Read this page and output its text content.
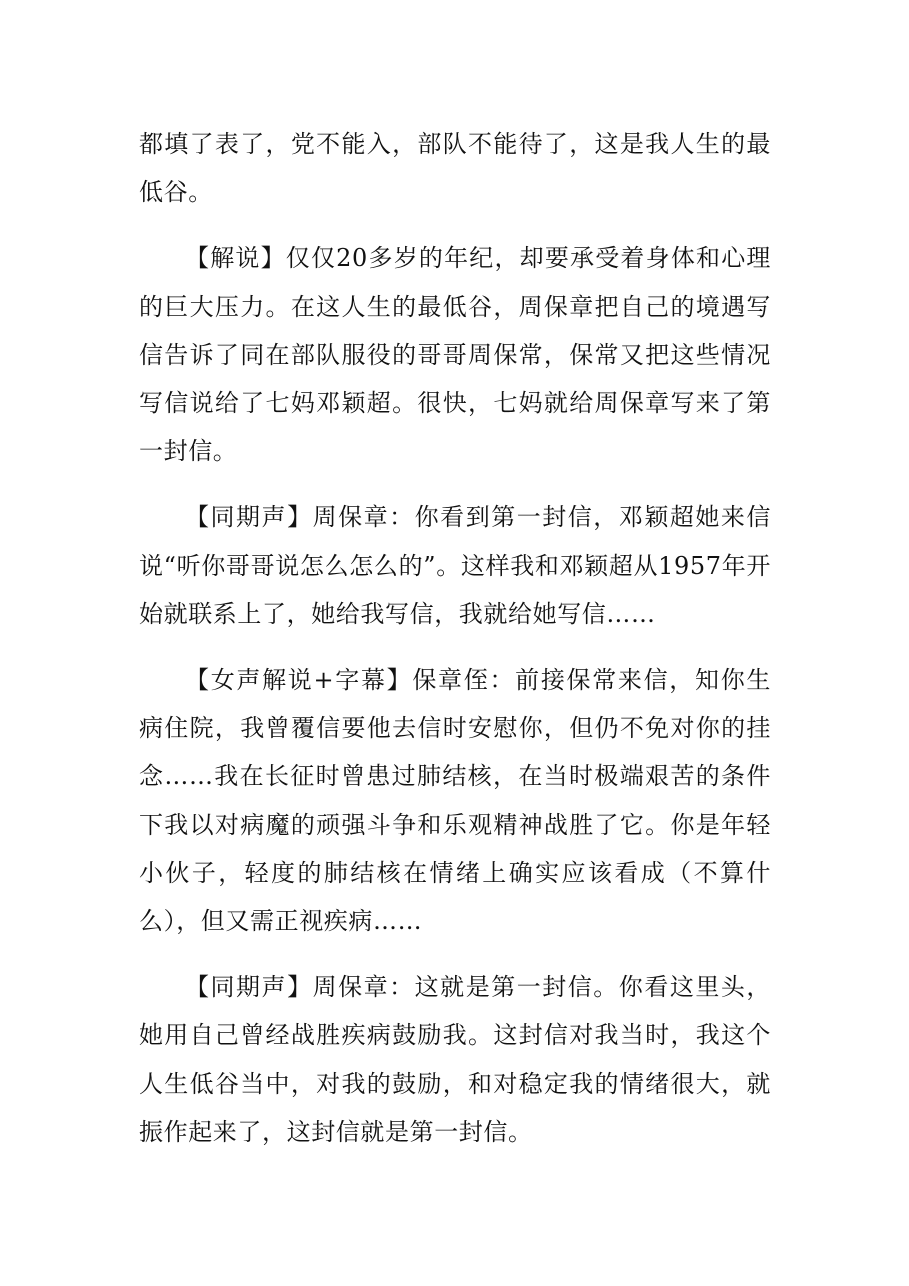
都填了表了，党不能入，部队不能待了，这是我人生的最低谷。

【解说】仅仅20多岁的年纪，却要承受着身体和心理的巨大压力。在这人生的最低谷，周保章把自己的境遇写信告诉了同在部队服役的哥哥周保常，保常又把这些情况写信说给了七妈邓颖超。很快，七妈就给周保章写来了第一封信。

【同期声】周保章：你看到第一封信，邓颖超她来信说“听你哥哥说怎么怎么的”。这样我和邓颖超从1957年开始就联系上了，她给我写信，我就给她写信……

【女声解说+字幕】保章侄：前接保常来信，知你生病住院，我曾覆信要他去信时安慰你，但仍不免对你的挂念……我在长征时曾患过肺结核，在当时极端艰苦的条件下我以对病魔的顽强斗争和乐观精神战胜了它。你是年轻小伙子，轻度的肺结核在情绪上确实应该看成（不算什么），但又需正视疾病……

【同期声】周保章：这就是第一封信。你看这里头，她用自己曾经战胜疾病鼓励我。这封信对我当时，我这个人生低谷当中，对我的鼓励，和对稳定我的情绪很大，就振作起来了，这封信就是第一封信。
